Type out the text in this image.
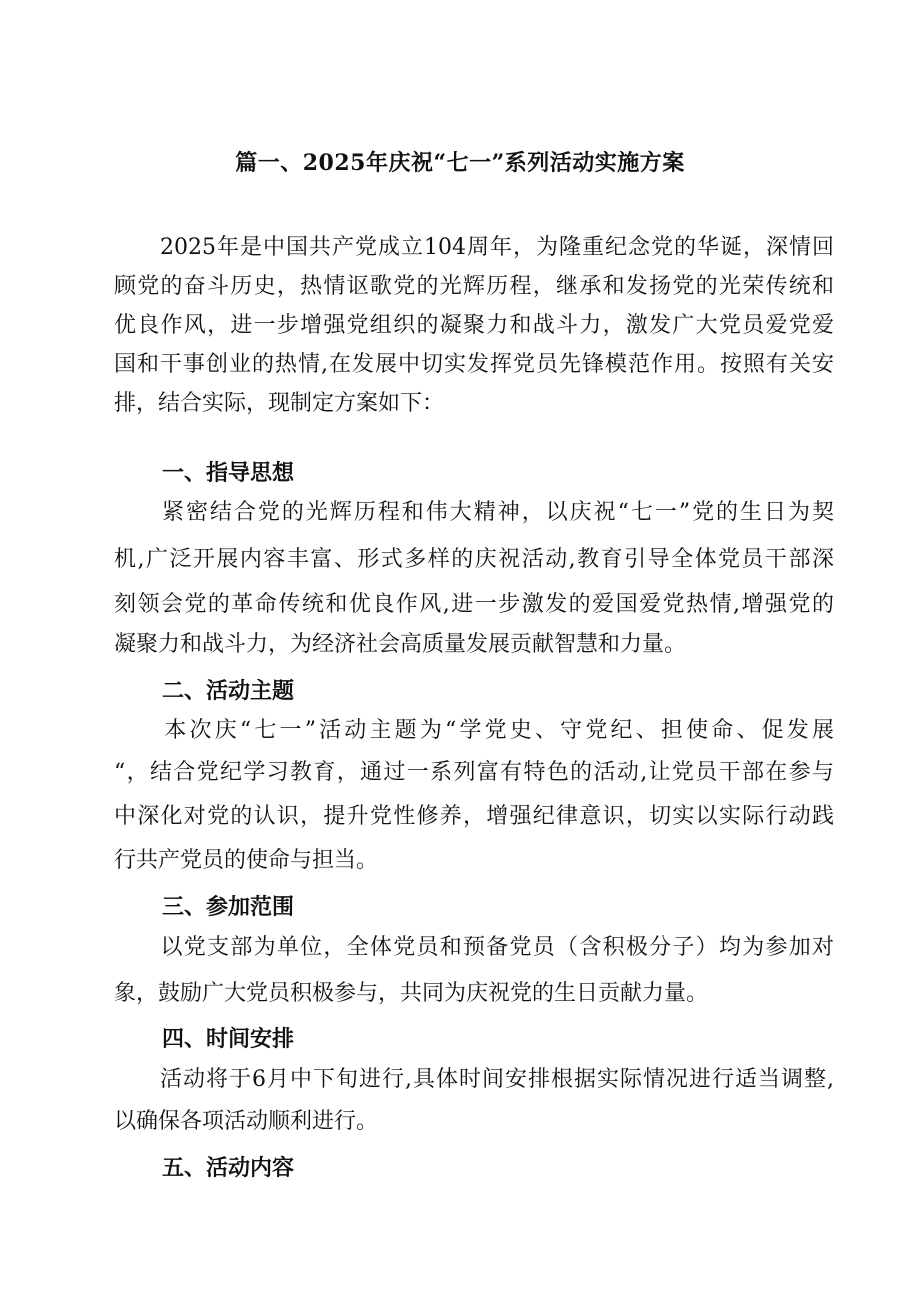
篇一、2025年庆祝“七一”系列活动实施方案
　　2025年是中国共产党成立104周年，为隆重纪念党的华诞，深情回
顾党的奋斗历史，热情讴歌党的光辉历程，继承和发扬党的光荣传统和
优良作风，进一步增强党组织的凝聚力和战斗力，激发广大党员爱党爱
国和干事创业的热情,在发展中切实发挥党员先锋模范作用。按照有关安
排，结合实际，现制定方案如下：
一、指导思想
　　紧密结合党的光辉历程和伟大精神，以庆祝“七一”党的生日为契
机,广泛开展内容丰富、形式多样的庆祝活动,教育引导全体党员干部深
刻领会党的革命传统和优良作风,进一步激发的爱国爱党热情,增强党的
凝聚力和战斗力，为经济社会高质量发展贡献智慧和力量。
二、活动主题
　　本次庆“七一”活动主题为“学党史、守党纪、担使命、促发展
“，结合党纪学习教育，通过一系列富有特色的活动,让党员干部在参与
中深化对党的认识，提升党性修养，增强纪律意识，切实以实际行动践
行共产党员的使命与担当。
三、参加范围
　　以党支部为单位，全体党员和预备党员（含积极分子）均为参加对
象，鼓励广大党员积极参与，共同为庆祝党的生日贡献力量。
四、时间安排
　　活动将于6月中下旬进行,具体时间安排根据实际情况进行适当调整,
以确保各项活动顺利进行。
五、活动内容
